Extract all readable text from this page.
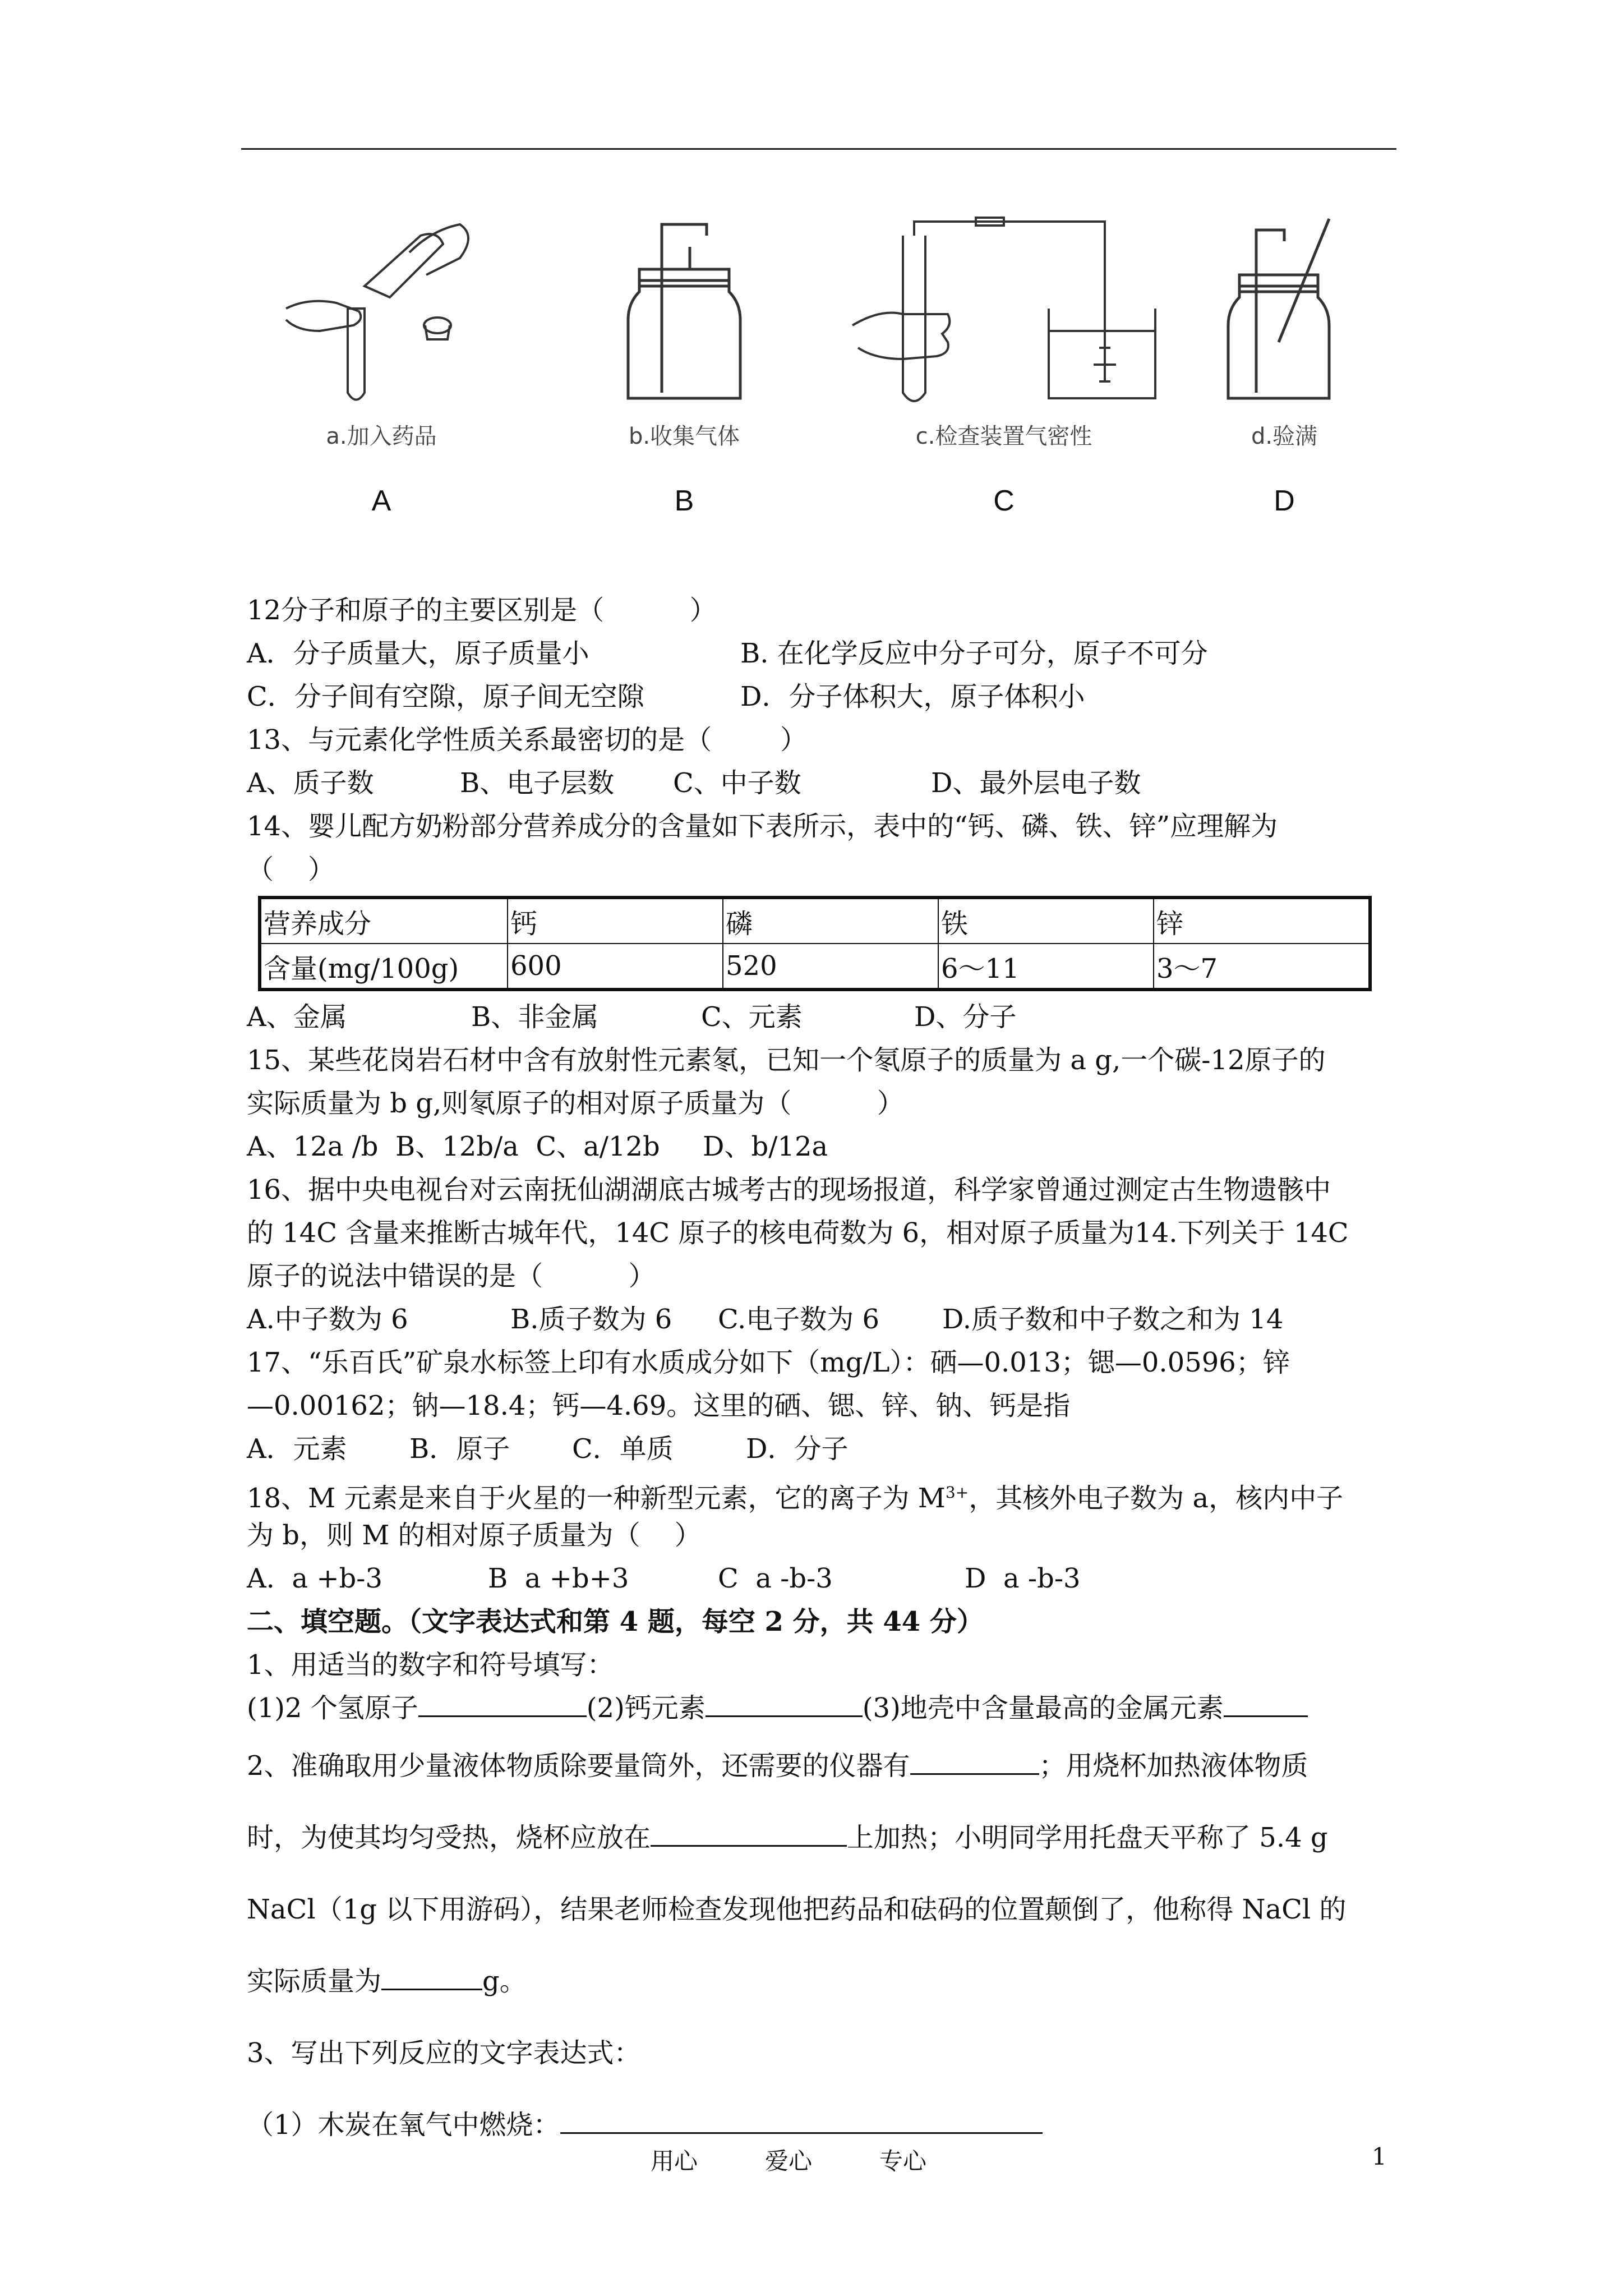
a.加入药品
A
b.收集气体
B
c.检查装置气密性
C
d.验满
D
12分子和原子的主要区别是（          ）
A．分子质量大，原子质量小	B. 在化学反应中分子可分，原子不可分
C．分子间有空隙，原子间无空隙	D．分子体积大，原子体积小
13、与元素化学性质关系最密切的是（        ）
A、质子数	B、电子层数	C、中子数	D、最外层电子数
14、婴儿配方奶粉部分营养成分的含量如下表所示，表中的“钙、磷、铁、锌”应理解为
（    ）
营养成分	钙	磷	铁	锌
含量(mg/100g)	600	520	6～11	3～7
A、金属	B、非金属	C、元素	D、分子
15、某些花岗岩石材中含有放射性元素氡，已知一个氡原子的质量为 a g,一个碳-12原子的
实际质量为 b g,则氡原子的相对原子质量为（          ）
A、12a /b  B、12b/a  C、a/12b     D、b/12a
16、据中央电视台对云南抚仙湖湖底古城考古的现场报道，科学家曾通过测定古生物遗骸中
的 14C 含量来推断古城年代，14C 原子的核电荷数为 6，相对原子质量为14.下列关于 14C
原子的说法中错误的是（          ）
A.中子数为 6	B.质子数为 6	C.电子数为 6	D.质子数和中子数之和为 14
17、“乐百氏”矿泉水标签上印有水质成分如下（mg/L）：硒—0.013；锶—0.0596；锌
—0.00162；钠—18.4；钙—4.69。这里的硒、锶、锌、钠、钙是指
A．元素	B．原子	C．单质	D．分子
18、M 元素是来自于火星的一种新型元素，它的离子为 $M^{3+}$，其核外电子数为 a，核内中子
为 b，则 M 的相对原子质量为（    ）
A.  a +b-3	B  a +b+3	C  a -b-3	D  a -b-3
二、填空题。（文字表达式和第 4 题，每空 2 分，共 44 分）
1、用适当的数字和符号填写：
(1)2 个氢原子	(2)钙元素	(3)地壳中含量最高的金属元素
2、准确取用少量液体物质除要量筒外，还需要的仪器有	；用烧杯加热液体物质
时，为使其均匀受热，烧杯应放在	上加热；小明同学用托盘天平称了 5.4 g
NaCl（1g 以下用游码），结果老师检查发现他把药品和砝码的位置颠倒了，他称得 NaCl 的
实际质量为	g。
3、写出下列反应的文字表达式：
（1）木炭在氧气中燃烧：
用心	爱心	专心	1
